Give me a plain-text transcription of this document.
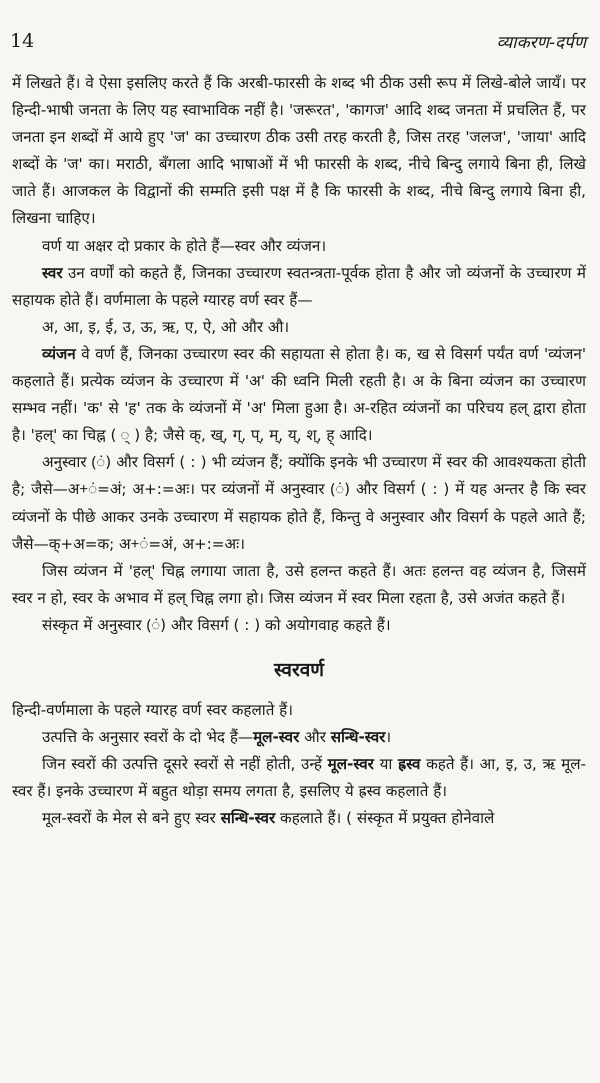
14	व्याकरण-दर्पण

में लिखते हैं। वे ऐसा इसलिए करते हैं कि अरबी-फारसी के शब्द भी ठीक उसी रूप में लिखे-बोले जायँ। पर हिन्दी-भाषी जनता के लिए यह स्वाभाविक नहीं है। 'जरूरत', 'कागज' आदि शब्द जनता में प्रचलित हैं, पर जनता इन शब्दों में आये हुए 'ज' का उच्चारण ठीक उसी तरह करती है, जिस तरह 'जलज', 'जाया' आदि शब्दों के 'ज' का। मराठी, बँगला आदि भाषाओं में भी फारसी के शब्द, नीचे बिन्दु लगाये बिना ही, लिखे जाते हैं। आजकल के विद्वानों की सम्मति इसी पक्ष में है कि फारसी के शब्द, नीचे बिन्दु लगाये बिना ही, लिखना चाहिए।

वर्ण या अक्षर दो प्रकार के होते हैं—स्वर और व्यंजन।

स्वर उन वर्णों को कहते हैं, जिनका उच्चारण स्वतन्त्रता-पूर्वक होता है और जो व्यंजनों के उच्चारण में सहायक होते हैं। वर्णमाला के पहले ग्यारह वर्ण स्वर हैं—

अ, आ, इ, ई, उ, ऊ, ऋ, ए, ऐ, ओ और औ।

व्यंजन वे वर्ण हैं, जिनका उच्चारण स्वर की सहायता से होता है। क, ख से विसर्ग पर्यंत वर्ण 'व्यंजन' कहलाते हैं। प्रत्येक व्यंजन के उच्चारण में 'अ' की ध्वनि मिली रहती है। अ के बिना व्यंजन का उच्चारण सम्भव नहीं। 'क' से 'ह' तक के व्यंजनों में 'अ' मिला हुआ है। अ-रहित व्यंजनों का परिचय हल् द्वारा होता है। 'हल्' का चिह्न ( ् ) है; जैसे क्, ख्, ग्, प्, म्, य्, श्, ह् आदि।

अनुस्वार (ं) और विसर्ग ( : ) भी व्यंजन हैं; क्योंकि इनके भी उच्चारण में स्वर की आवश्यकता होती है; जैसे—अ+ं=अं; अ+:=अः। पर व्यंजनों में अनुस्वार (ं) और विसर्ग ( : ) में यह अन्तर है कि स्वर व्यंजनों के पीछे आकर उनके उच्चारण में सहायक होते हैं, किन्तु वे अनुस्वार और विसर्ग के पहले आते हैं; जैसे—क्+अ=क; अ+ं=अं, अ+:=अः।

जिस व्यंजन में 'हल्' चिह्न लगाया जाता है, उसे हलन्त कहते हैं। अतः हलन्त वह व्यंजन है, जिसमें स्वर न हो, स्वर के अभाव में हल् चिह्न लगा हो। जिस व्यंजन में स्वर मिला रहता है, उसे अजंत कहते हैं।

संस्कृत में अनुस्वार (ं) और विसर्ग ( : ) को अयोगवाह कहते हैं।

स्वरवर्ण

हिन्दी-वर्णमाला के पहले ग्यारह वर्ण स्वर कहलाते हैं।

उत्पत्ति के अनुसार स्वरों के दो भेद हैं—मूल-स्वर और सन्धि-स्वर।

जिन स्वरों की उत्पत्ति दूसरे स्वरों से नहीं होती, उन्हें मूल-स्वर या ह्रस्व कहते हैं। आ, इ, उ, ऋ मूल-स्वर हैं। इनके उच्चारण में बहुत थोड़ा समय लगता है, इसलिए ये ह्रस्व कहलाते हैं।

मूल-स्वरों के मेल से बने हुए स्वर सन्धि-स्वर कहलाते हैं। ( संस्कृत में प्रयुक्त होनेवाले
